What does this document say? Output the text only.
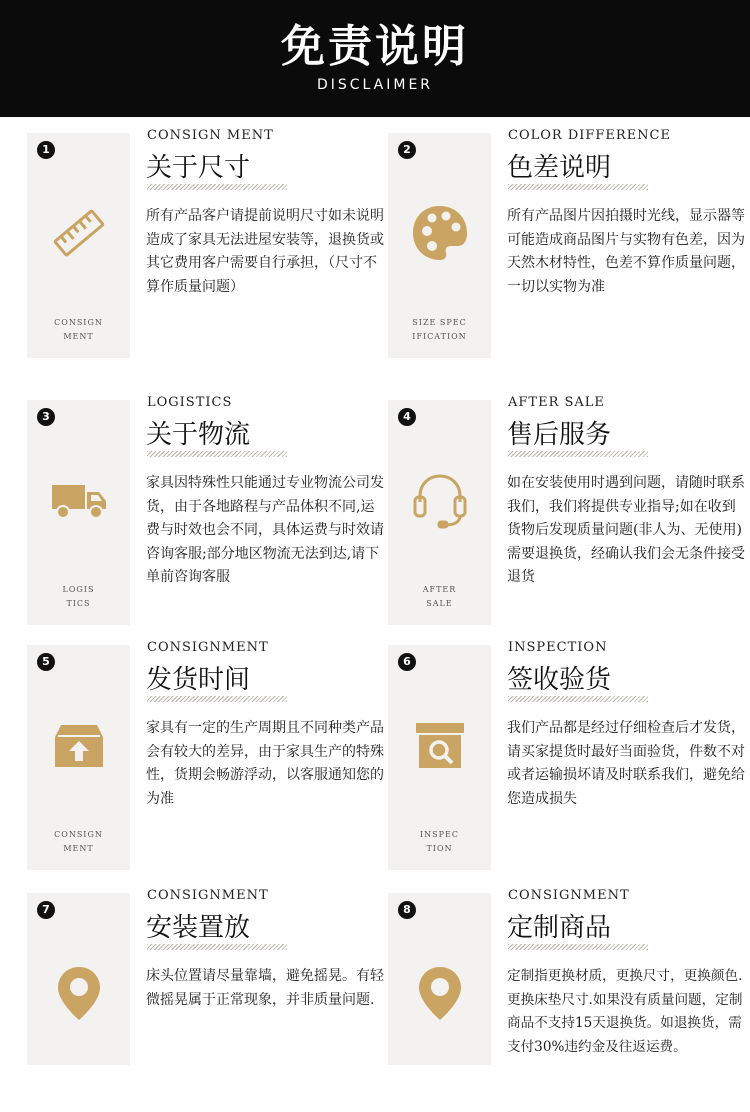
免责说明
DISCLAIMER
1
CONSIGN
MENT
CONSIGN MENT
关于尺寸
所有产品客户请提前说明尺寸如未说明造成了家具无法进屋安装等，退换货或其它费用客户需要自行承担，（尺寸不算作质量问题）
2
SIZE SPEC
IFICATION
COLOR DIFFERENCE
色差说明
所有产品图片因拍摄时光线，显示器等可能造成商品图片与实物有色差，因为天然木材特性，色差不算作质量问题，一切以实物为准
3
LOGIS
TICS
LOGISTICS
关于物流
家具因特殊性只能通过专业物流公司发货，由于各地路程与产品体积不同,运费与时效也会不同，具体运费与时效请咨询客服;部分地区物流无法到达,请下单前咨询客服
4
AFTER
SALE
AFTER SALE
售后服务
如在安装使用时遇到问题，请随时联系我们，我们将提供专业指导;如在收到货物后发现质量问题(非人为、无使用)需要退换货，经确认我们会无条件接受退货
5
CONSIGN
MENT
CONSIGNMENT
发货时间
家具有一定的生产周期且不同种类产品会有较大的差异，由于家具生产的特殊性，货期会畅游浮动，以客服通知您的为准
6
INSPEC
TION
INSPECTION
签收验货
我们产品都是经过仔细检查后才发货，请买家提货时最好当面验货，件数不对或者运输损坏请及时联系我们，避免给您造成损失
7
CONSIGNMENT
安装置放
床头位置请尽量靠墙，避免摇晃。有轻微摇晃属于正常现象，并非质量问题.
8
CONSIGNMENT
定制商品
定制指更换材质，更换尺寸，更换颜色.更换床垫尺寸.如果没有质量问题，定制商品不支持15天退换货。如退换货，需支付30%违约金及往返运费。
